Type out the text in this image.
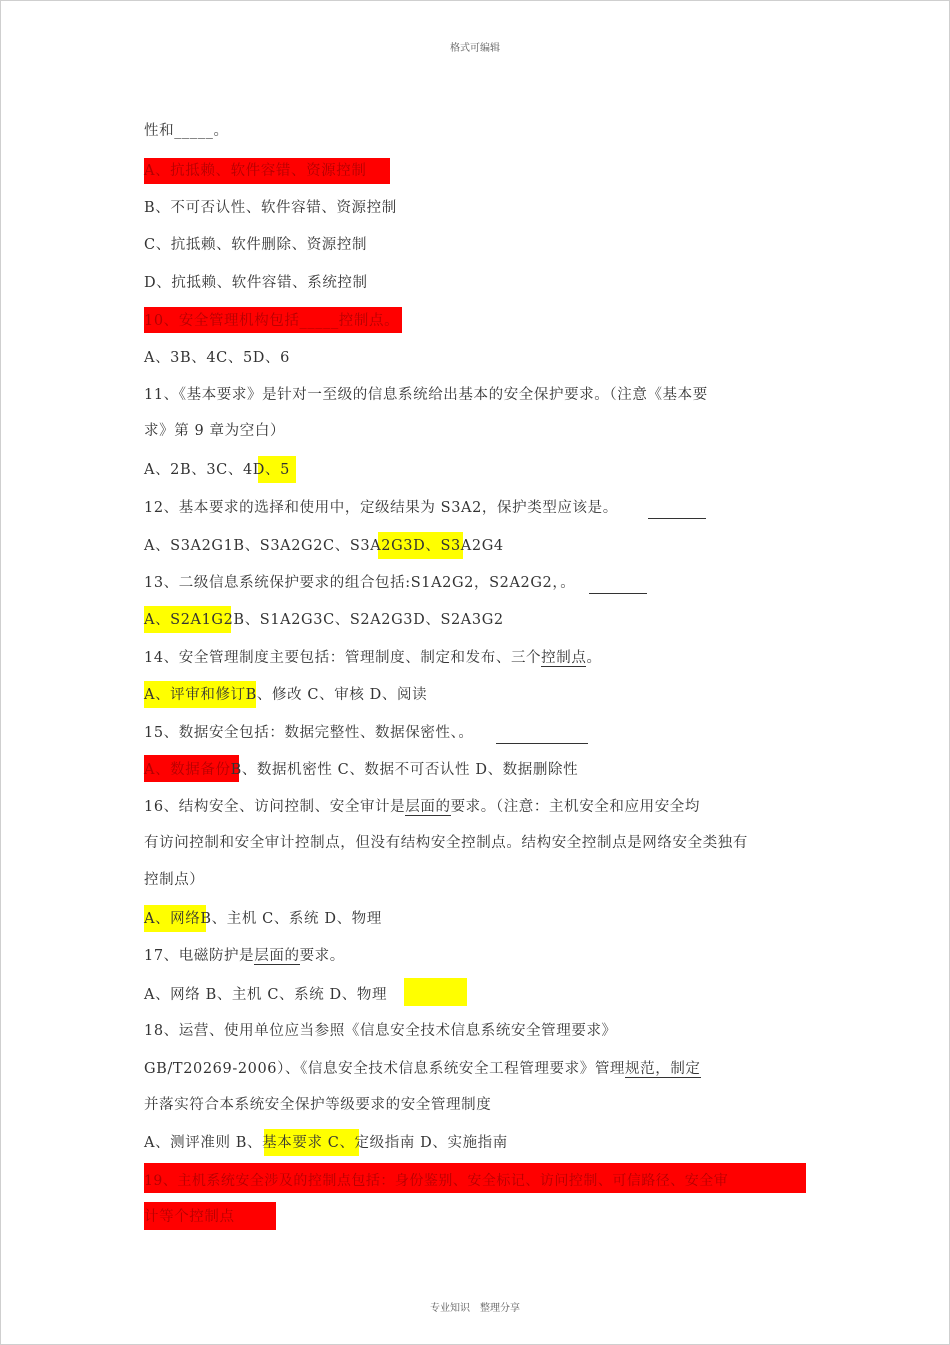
格式可编辑
性和_____。
A、抗抵赖、软件容错、资源控制
B、不可否认性、软件容错、资源控制
C、抗抵赖、软件删除、资源控制
D、抗抵赖、软件容错、系统控制
10、安全管理机构包括_____控制点。
A、3B、4C、5D、6
11、《基本要求》是针对一至级的信息系统给出基本的安全保护要求。（注意《基本要
求》第 9 章为空白）
A、2B、3C、4D、5
12、基本要求的选择和使用中，定级结果为 S3A2，保护类型应该是。
A、S3A2G1B、S3A2G2C、S3A2G3D、S3A2G4
13、二级信息系统保护要求的组合包括:S1A2G2，S2A2G2，。
A、S2A1G2B、S1A2G3C、S2A2G3D、S2A3G2
14、安全管理制度主要包括：管理制度、制定和发布、三个控制点。
A、评审和修订B、修改 C、审核 D、阅读
15、数据安全包括：数据完整性、数据保密性、。
A、数据备份B、数据机密性 C、数据不可否认性 D、数据删除性
16、结构安全、访问控制、安全审计是层面的要求。（注意：主机安全和应用安全均
有访问控制和安全审计控制点，但没有结构安全控制点。结构安全控制点是网络安全类独有
控制点）
A、网络B、主机 C、系统 D、物理
17、电磁防护是层面的要求。
A、网络 B、主机 C、系统 D、物理
18、运营、使用单位应当参照《信息安全技术信息系统安全管理要求》
GB/T20269-2006）、《信息安全技术信息系统安全工程管理要求》管理规范，制定
并落实符合本系统安全保护等级要求的安全管理制度
A、测评准则 B、基本要求 C、定级指南 D、实施指南
19、主机系统安全涉及的控制点包括：身份鉴别、安全标记、访问控制、可信路径、安全审
计等个控制点
专业知识　整理分享
